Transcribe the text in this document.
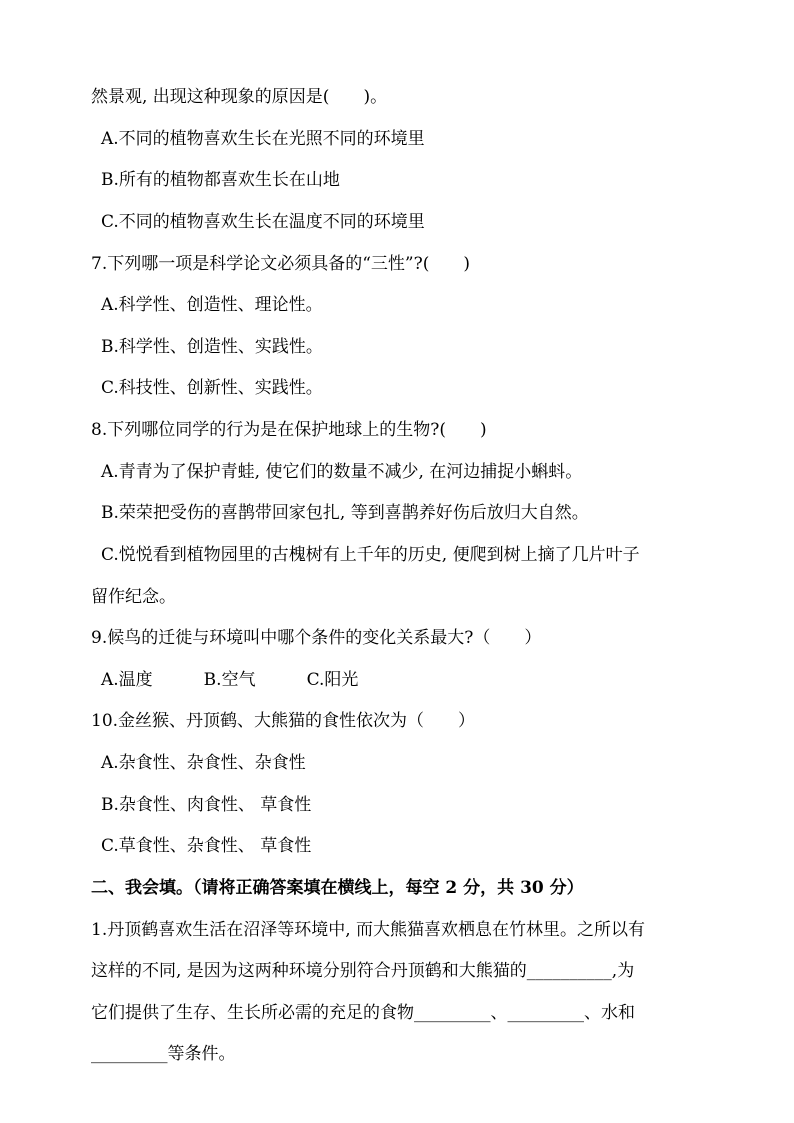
然景观, 出现这种现象的原因是(　　)。
A.不同的植物喜欢生长在光照不同的环境里
B.所有的植物都喜欢生长在山地
C.不同的植物喜欢生长在温度不同的环境里
7.下列哪一项是科学论文必须具备的“三性”?(　　)
A.科学性、创造性、理论性。
B.科学性、创造性、实践性。
C.科技性、创新性、实践性。
8.下列哪位同学的行为是在保护地球上的生物?(　　)
A.青青为了保护青蛙, 使它们的数量不减少, 在河边捕捉小蝌蚪。
B.荣荣把受伤的喜鹊带回家包扎, 等到喜鹊养好伤后放归大自然。
C.悦悦看到植物园里的古槐树有上千年的历史, 便爬到树上摘了几片叶子
留作纪念。
9.候鸟的迁徙与环境叫中哪个条件的变化关系最大?（　　）
A.温度　　　B.空气　　　C.阳光
10.金丝猴、丹顶鹤、大熊猫的食性依次为（　　）
A.杂食性、杂食性、杂食性
B.杂食性、肉食性、 草食性
C.草食性、杂食性、 草食性
二、我会填。（请将正确答案填在横线上，每空 2 分，共 30 分）
1.丹顶鹤喜欢生活在沼泽等环境中, 而大熊猫喜欢栖息在竹林里。之所以有
这样的不同, 是因为这两种环境分别符合丹顶鹤和大熊猫的__________,为
它们提供了生存、生长所必需的充足的食物_________、_________、水和
_________等条件。
